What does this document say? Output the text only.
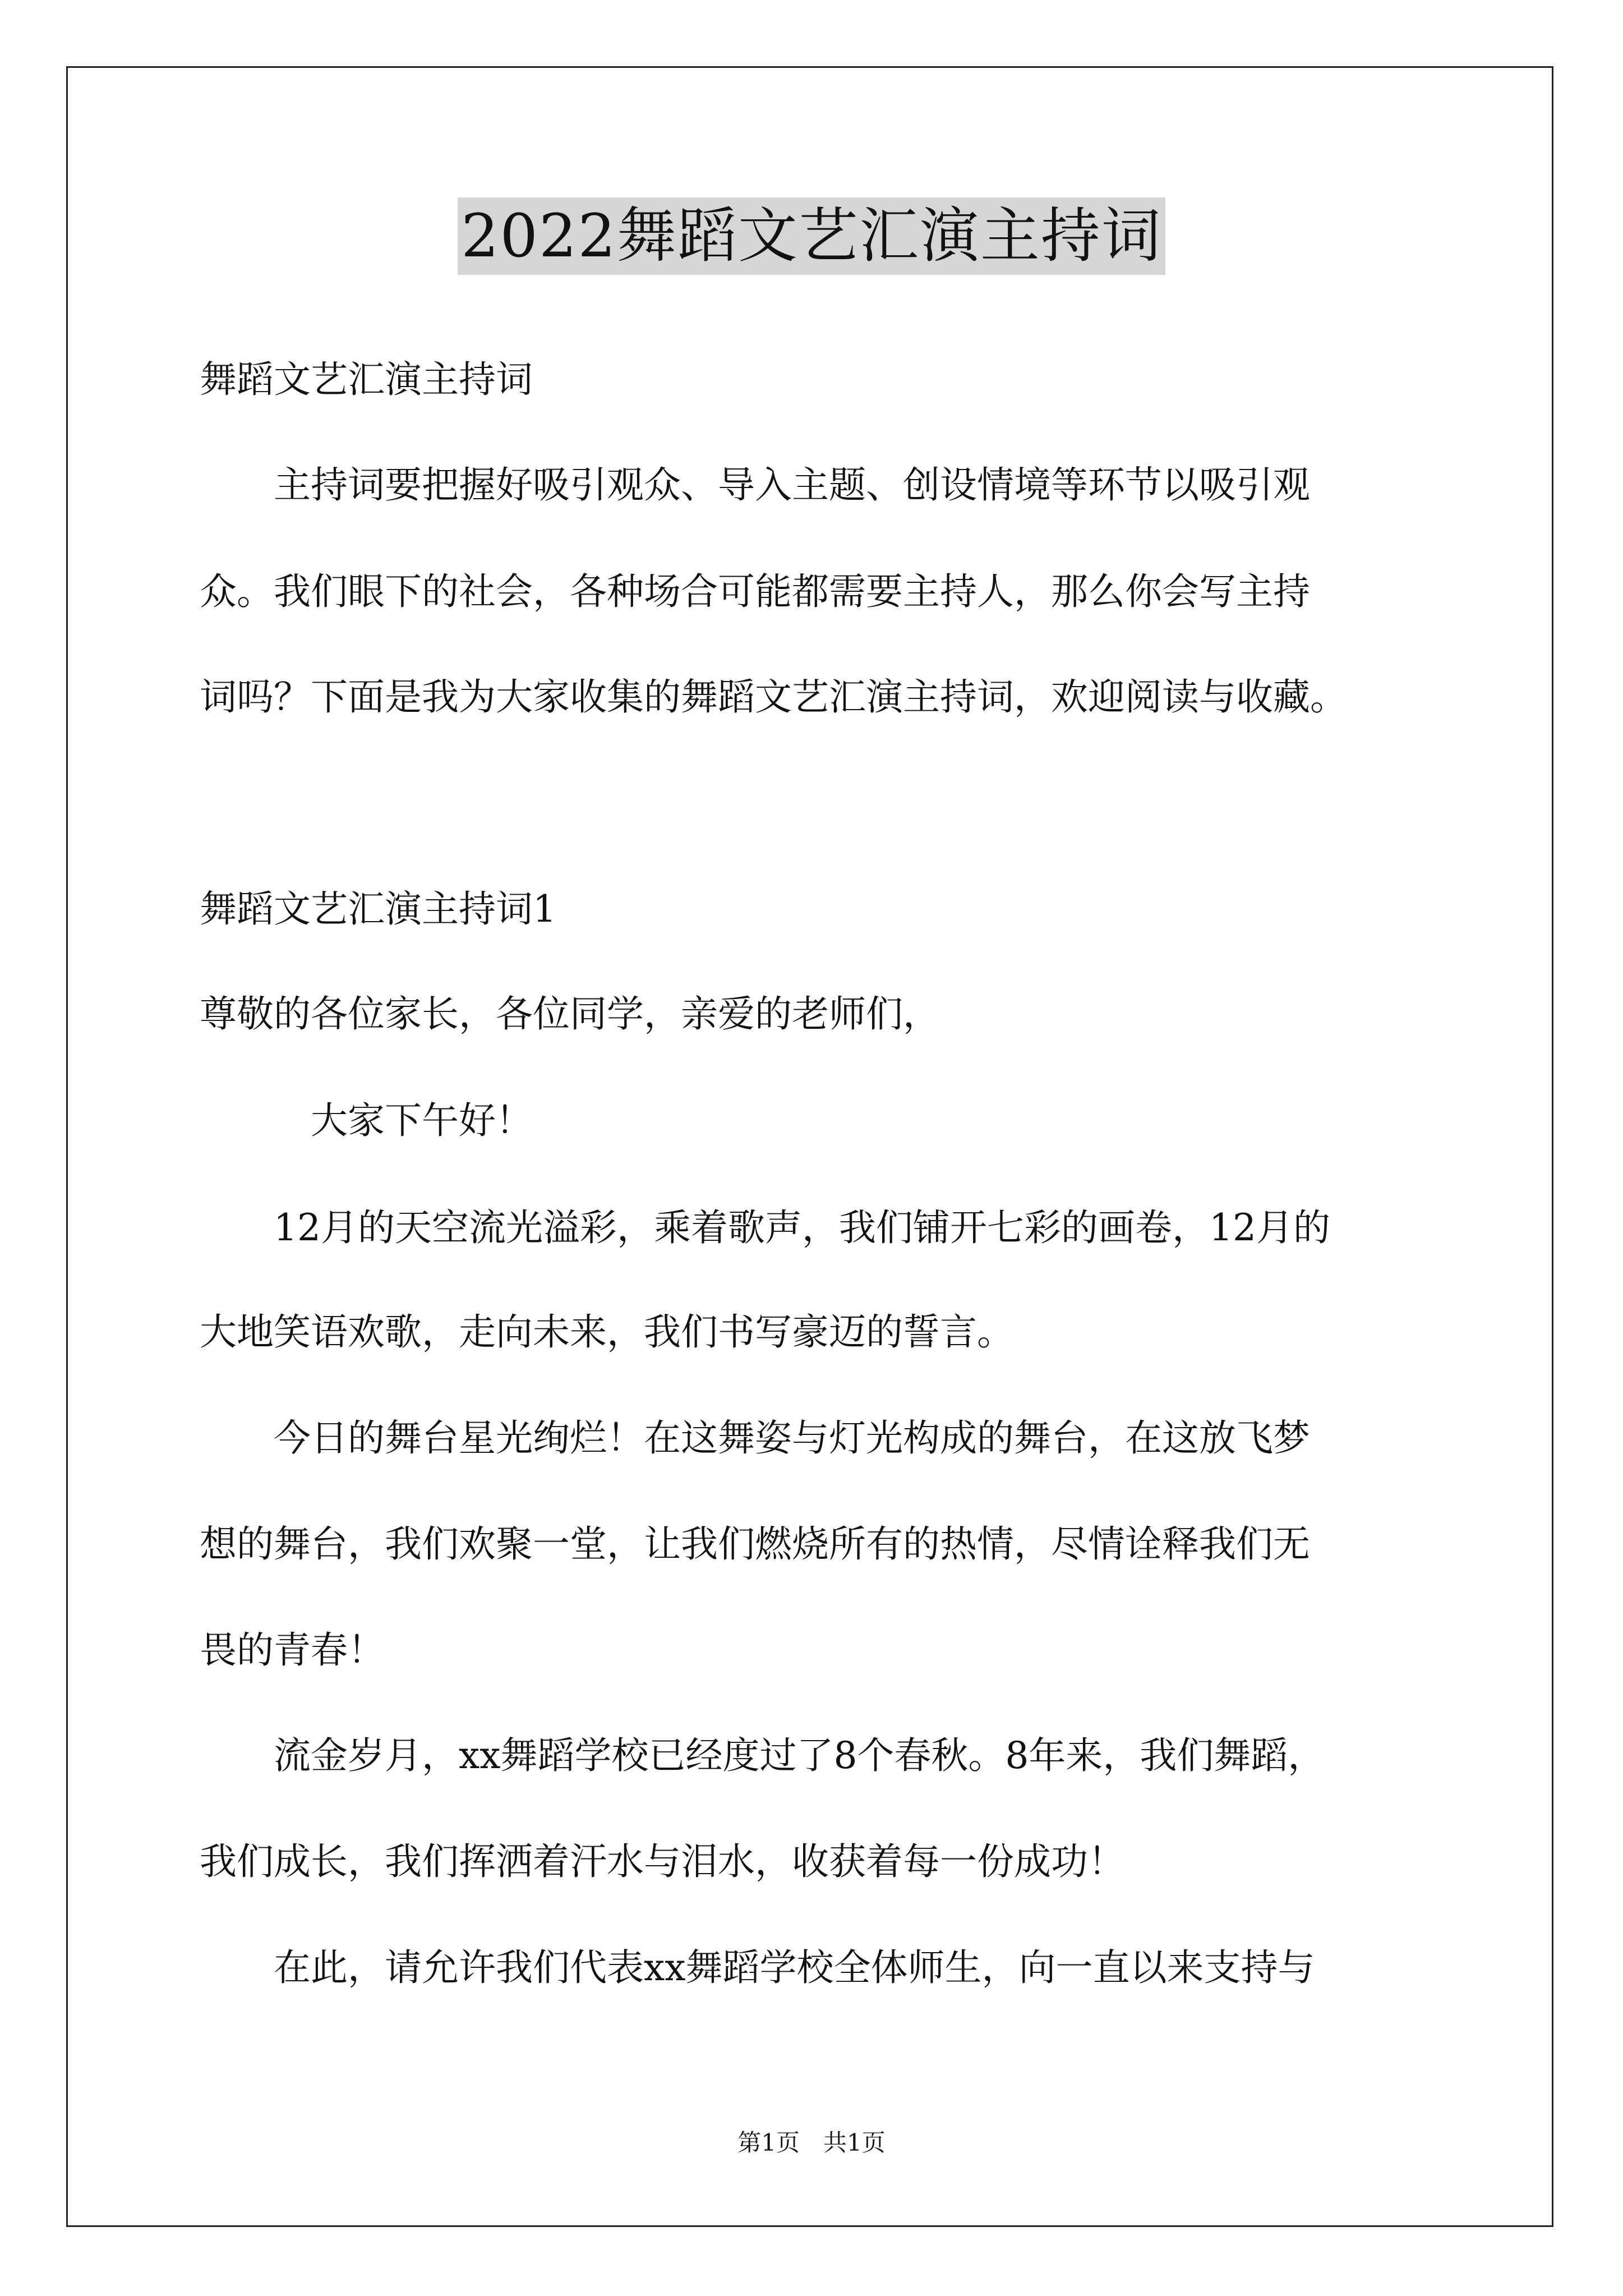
2022舞蹈文艺汇演主持词
舞蹈文艺汇演主持词
　　主持词要把握好吸引观众、导入主题、创设情境等环节以吸引观
众。我们眼下的社会，各种场合可能都需要主持人，那么你会写主持
词吗？下面是我为大家收集的舞蹈文艺汇演主持词，欢迎阅读与收藏。
舞蹈文艺汇演主持词1
尊敬的各位家长，各位同学，亲爱的老师们，
　　　大家下午好！
　　12月的天空流光溢彩，乘着歌声，我们铺开七彩的画卷，12月的
大地笑语欢歌，走向未来，我们书写豪迈的誓言。
　　今日的舞台星光绚烂！在这舞姿与灯光构成的舞台，在这放飞梦
想的舞台，我们欢聚一堂，让我们燃烧所有的热情，尽情诠释我们无
畏的青春！
　　流金岁月，xx舞蹈学校已经度过了8个春秋。8年来，我们舞蹈，
我们成长，我们挥洒着汗水与泪水，收获着每一份成功！
　　在此，请允许我们代表xx舞蹈学校全体师生，向一直以来支持与
第1页　共1页
